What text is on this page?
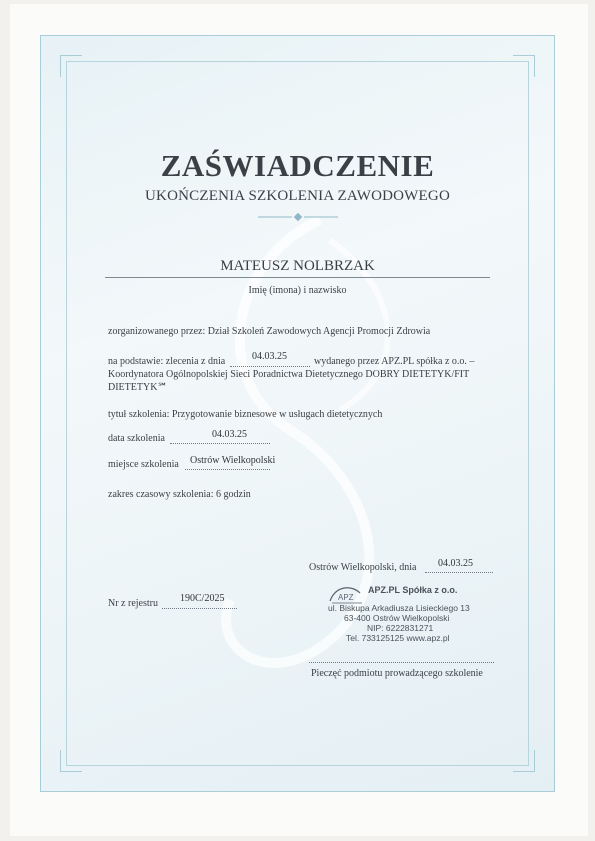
ZAŚWIADCZENIE
UKOŃCZENIA SZKOLENIA ZAWODOWEGO
MATEUSZ NOLBRZAK
Imię (imona) i nazwisko
zorganizowanego przez: Dział Szkoleń Zawodowych Agencji Promocji Zdrowia
na podstawie: zlecenia z dnia	04.03.25	wydanego przez APZ.PL spółka z o.o. –
Koordynatora Ogólnopolskiej Sieci Poradnictwa Dietetycznego DOBRY DIETETYK/FIT
DIETETYK℠
tytuł szkolenia: Przygotowanie biznesowe w usługach dietetycznych
data szkolenia	04.03.25
miejsce szkolenia Ostrów Wielkopolski
zakres czasowy szkolenia: 6 godzin
Ostrów Wielkopolski, dnia 04.03.25
Nr z rejestru 190C/2025	APZ
APZ.PL Spółka z o.o.
ul. Biskupa Arkadiusza Lisieckiego 13
63-400 Ostrów Wielkopolski
NIP: 6222831271
Tel. 733125125 www.apz.pl
Pieczęć podmiotu prowadzącego szkolenie
